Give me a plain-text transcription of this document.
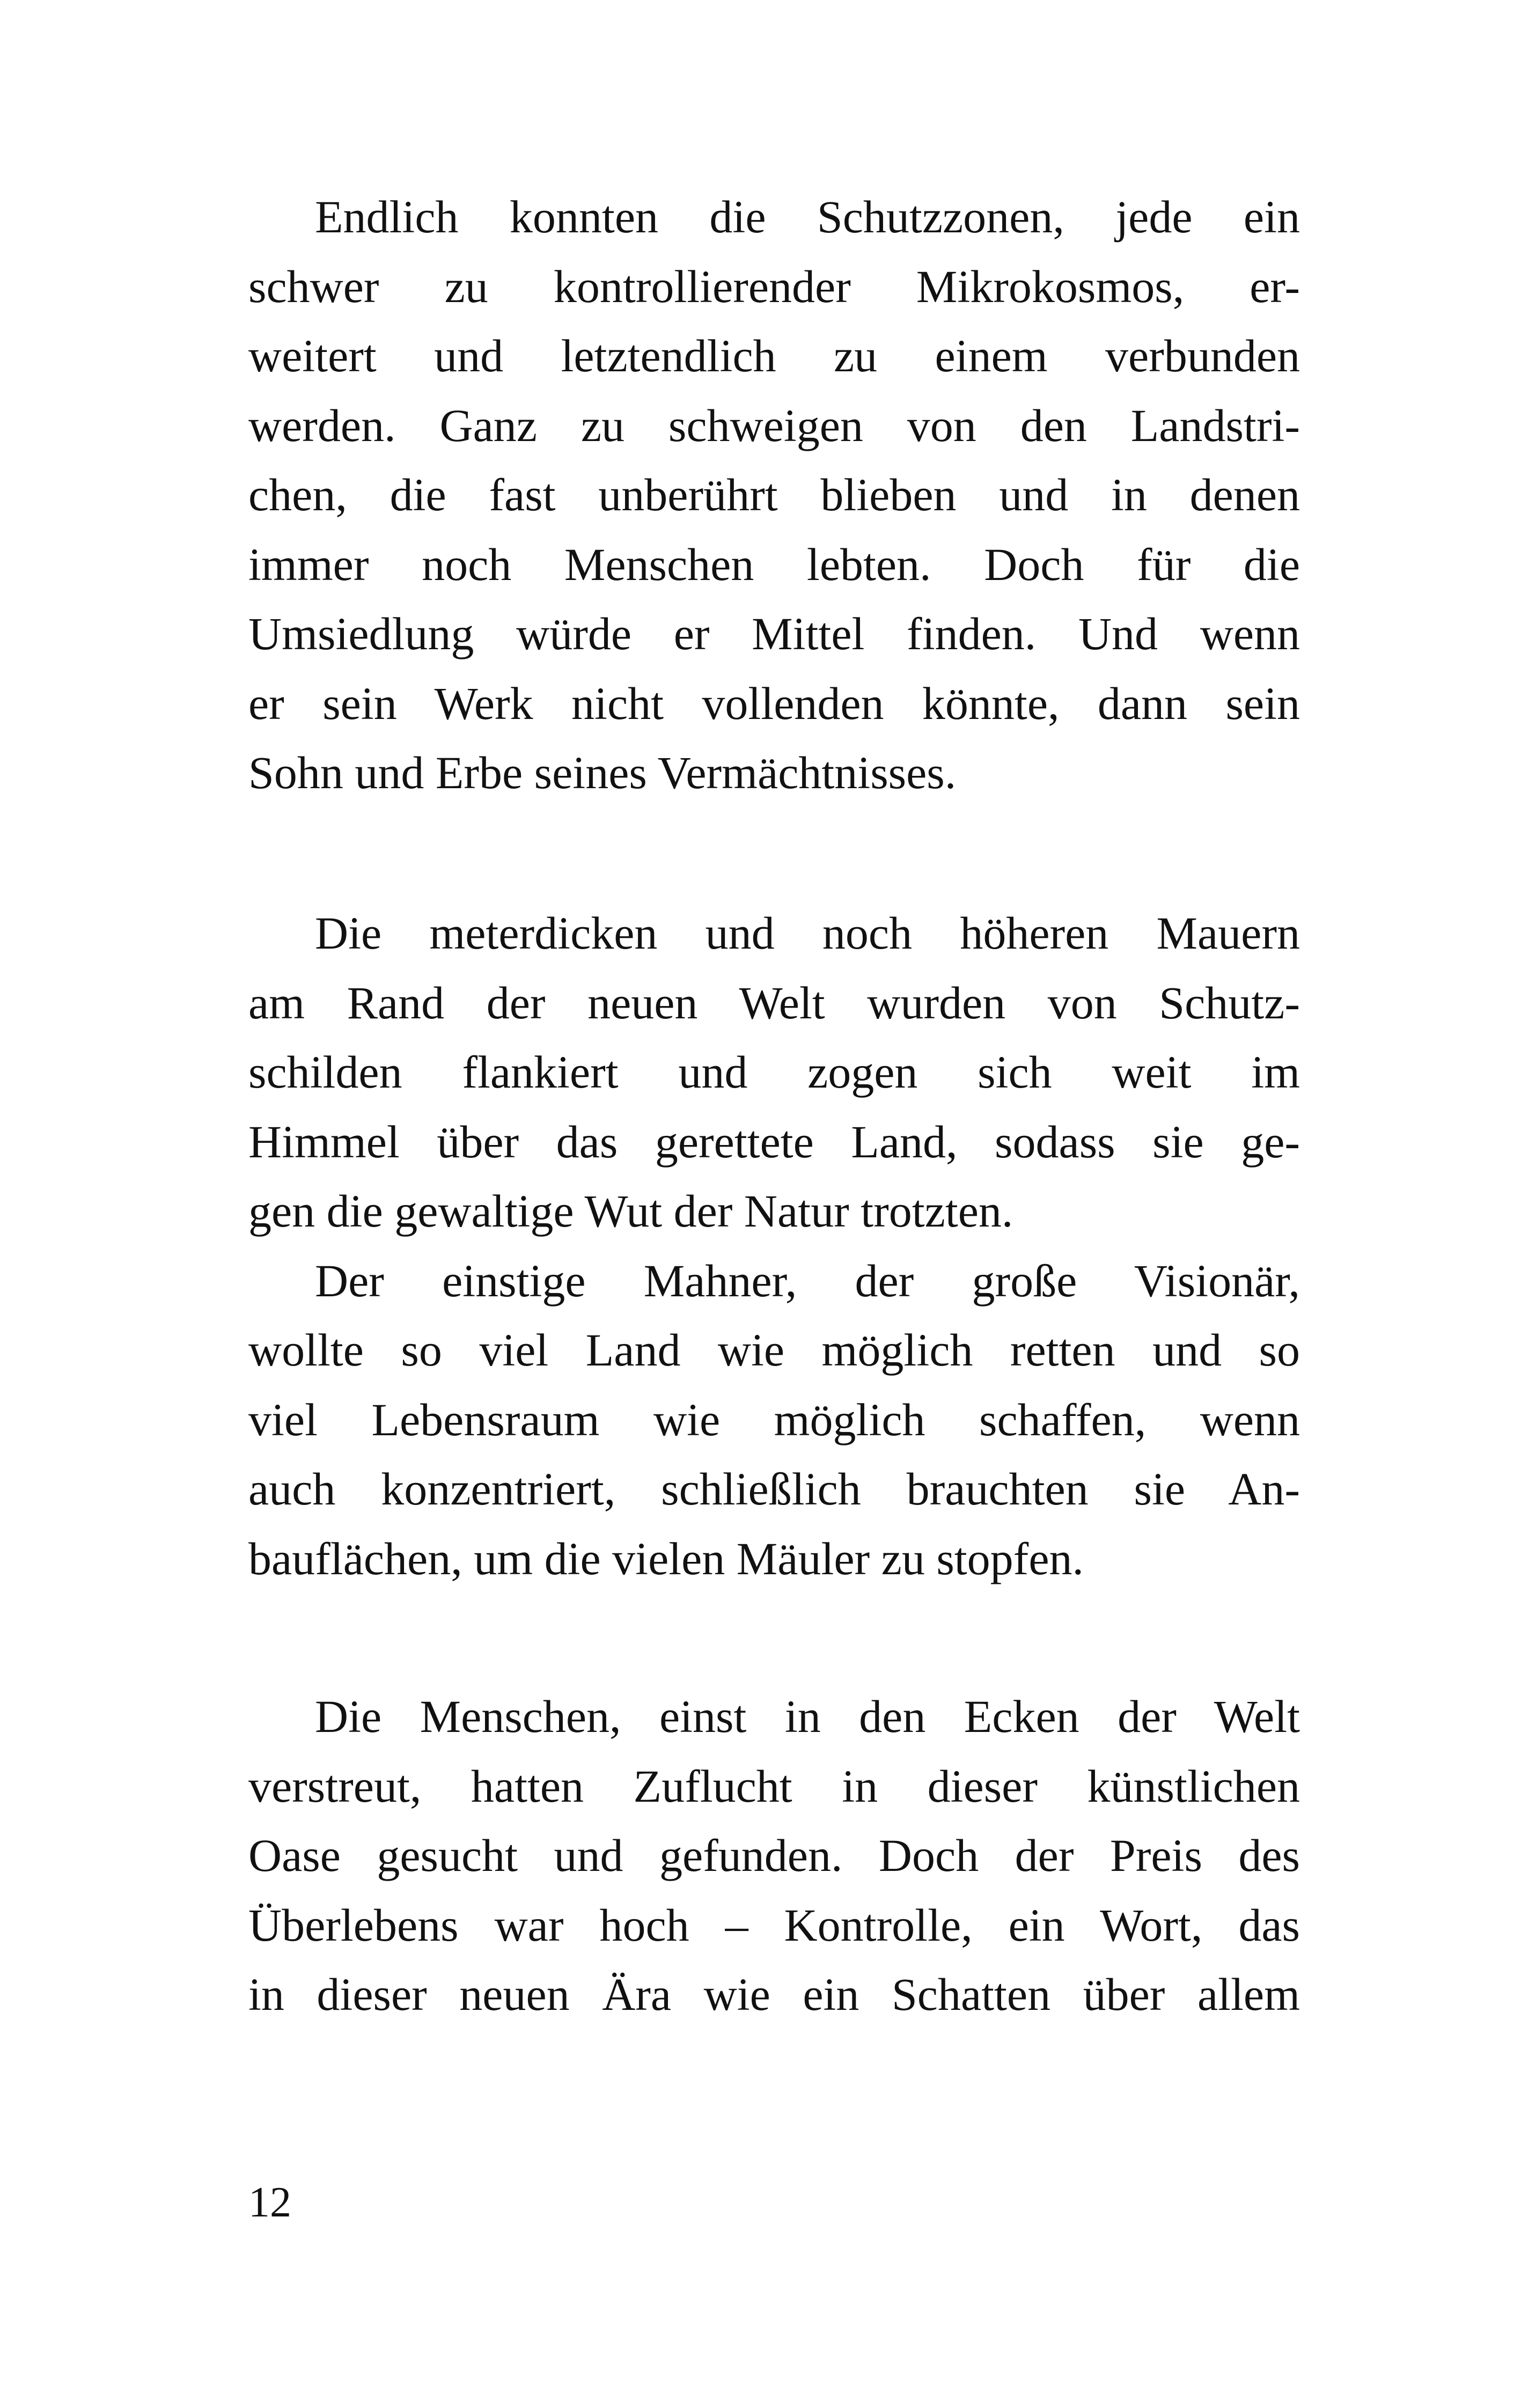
Endlich konnten die Schutzzonen, jede ein
schwer zu kontrollierender Mikrokosmos, er-
weitert und letztendlich zu einem verbunden
werden. Ganz zu schweigen von den Landstri-
chen, die fast unberührt blieben und in denen
immer noch Menschen lebten. Doch für die
Umsiedlung würde er Mittel finden. Und wenn
er sein Werk nicht vollenden könnte, dann sein
Sohn und Erbe seines Vermächtnisses.
Die meterdicken und noch höheren Mauern
am Rand der neuen Welt wurden von Schutz-
schilden flankiert und zogen sich weit im
Himmel über das gerettete Land, sodass sie ge-
gen die gewaltige Wut der Natur trotzten.
Der einstige Mahner, der große Visionär,
wollte so viel Land wie möglich retten und so
viel Lebensraum wie möglich schaffen, wenn
auch konzentriert, schließlich brauchten sie An-
bauflächen, um die vielen Mäuler zu stopfen.
Die Menschen, einst in den Ecken der Welt
verstreut, hatten Zuflucht in dieser künstlichen
Oase gesucht und gefunden. Doch der Preis des
Überlebens war hoch – Kontrolle, ein Wort, das
in dieser neuen Ära wie ein Schatten über allem
12
